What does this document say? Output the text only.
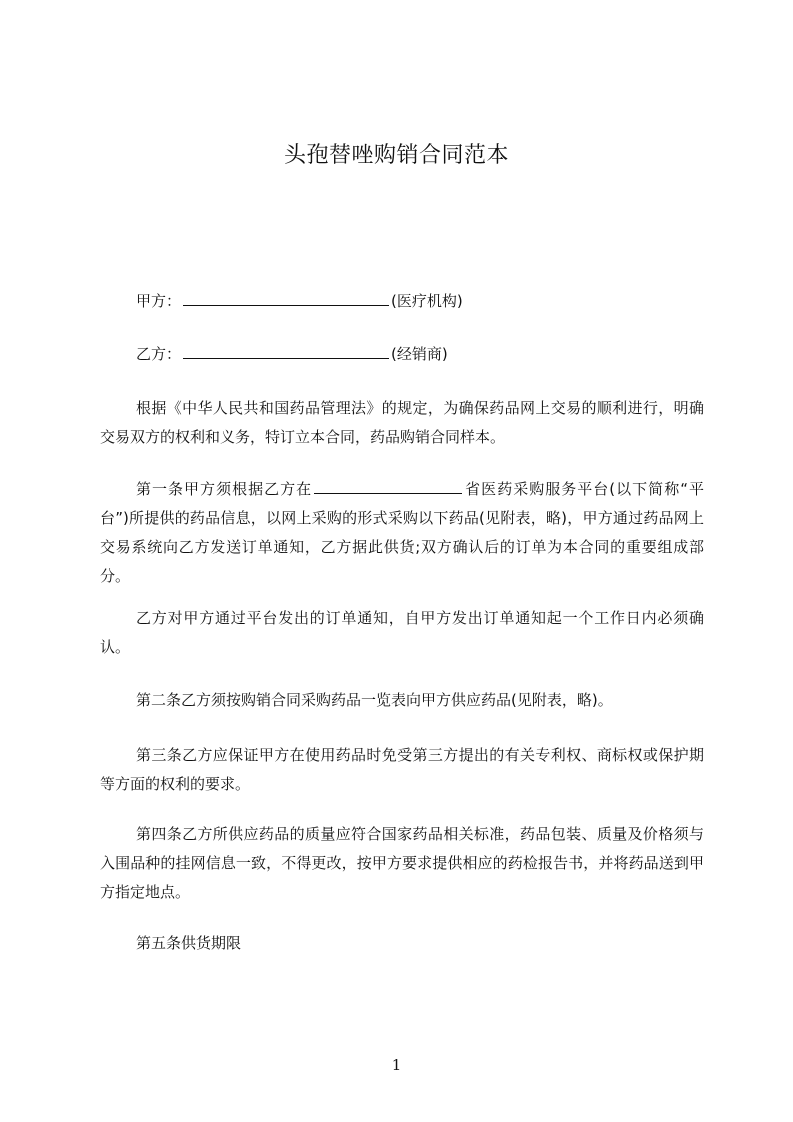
头孢替唑购销合同范本
甲方：	(医疗机构)
乙方：	(经销商)

根据《中华人民共和国药品管理法》的规定，为确保药品网上交易的顺利进行，明确交易双方的权利和义务，特订立本合同，药品购销合同样本。

第一条甲方须根据乙方在	省医药采购服务平台(以下简称“平台”)所提供的药品信息，以网上采购的形式采购以下药品(见附表，略)，甲方通过药品网上交易系统向乙方发送订单通知，乙方据此供货;双方确认后的订单为本合同的重要组成部分。

乙方对甲方通过平台发出的订单通知，自甲方发出订单通知起一个工作日内必须确认。

第二条乙方须按购销合同采购药品一览表向甲方供应药品(见附表，略)。

第三条乙方应保证甲方在使用药品时免受第三方提出的有关专利权、商标权或保护期等方面的权利的要求。

第四条乙方所供应药品的质量应符合国家药品相关标准，药品包装、质量及价格须与入围品种的挂网信息一致，不得更改，按甲方要求提供相应的药检报告书，并将药品送到甲方指定地点。

第五条供货期限

1
